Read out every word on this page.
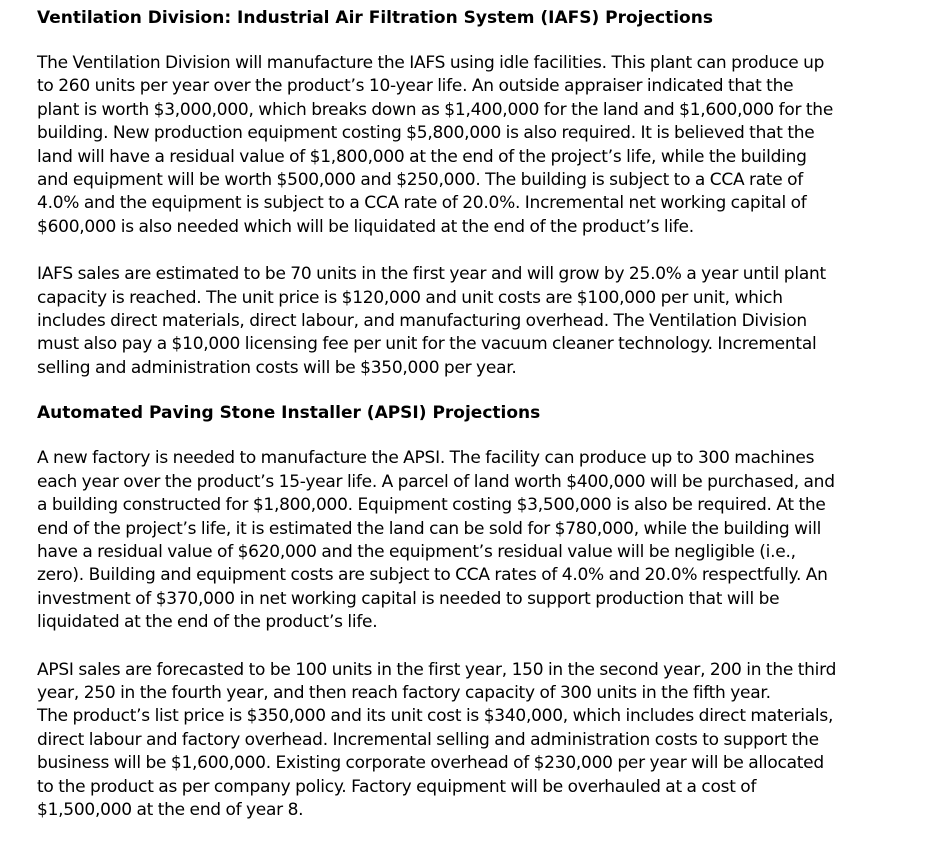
Ventilation Division: Industrial Air Filtration System (IAFS) Projections

The Ventilation Division will manufacture the IAFS using idle facilities. This plant can produce up
to 260 units per year over the product’s 10-year life. An outside appraiser indicated that the
plant is worth $3,000,000, which breaks down as $1,400,000 for the land and $1,600,000 for the
building. New production equipment costing $5,800,000 is also required. It is believed that the
land will have a residual value of $1,800,000 at the end of the project’s life, while the building
and equipment will be worth $500,000 and $250,000. The building is subject to a CCA rate of
4.0% and the equipment is subject to a CCA rate of 20.0%. Incremental net working capital of
$600,000 is also needed which will be liquidated at the end of the product’s life.

IAFS sales are estimated to be 70 units in the first year and will grow by 25.0% a year until plant
capacity is reached. The unit price is $120,000 and unit costs are $100,000 per unit, which
includes direct materials, direct labour, and manufacturing overhead. The Ventilation Division
must also pay a $10,000 licensing fee per unit for the vacuum cleaner technology. Incremental
selling and administration costs will be $350,000 per year.

Automated Paving Stone Installer (APSI) Projections

A new factory is needed to manufacture the APSI. The facility can produce up to 300 machines
each year over the product’s 15-year life. A parcel of land worth $400,000 will be purchased, and
a building constructed for $1,800,000. Equipment costing $3,500,000 is also be required. At the
end of the project’s life, it is estimated the land can be sold for $780,000, while the building will
have a residual value of $620,000 and the equipment’s residual value will be negligible (i.e.,
zero). Building and equipment costs are subject to CCA rates of 4.0% and 20.0% respectfully. An
investment of $370,000 in net working capital is needed to support production that will be
liquidated at the end of the product’s life.

APSI sales are forecasted to be 100 units in the first year, 150 in the second year, 200 in the third
year, 250 in the fourth year, and then reach factory capacity of 300 units in the fifth year.
The product’s list price is $350,000 and its unit cost is $340,000, which includes direct materials,
direct labour and factory overhead. Incremental selling and administration costs to support the
business will be $1,600,000. Existing corporate overhead of $230,000 per year will be allocated
to the product as per company policy. Factory equipment will be overhauled at a cost of
$1,500,000 at the end of year 8.
